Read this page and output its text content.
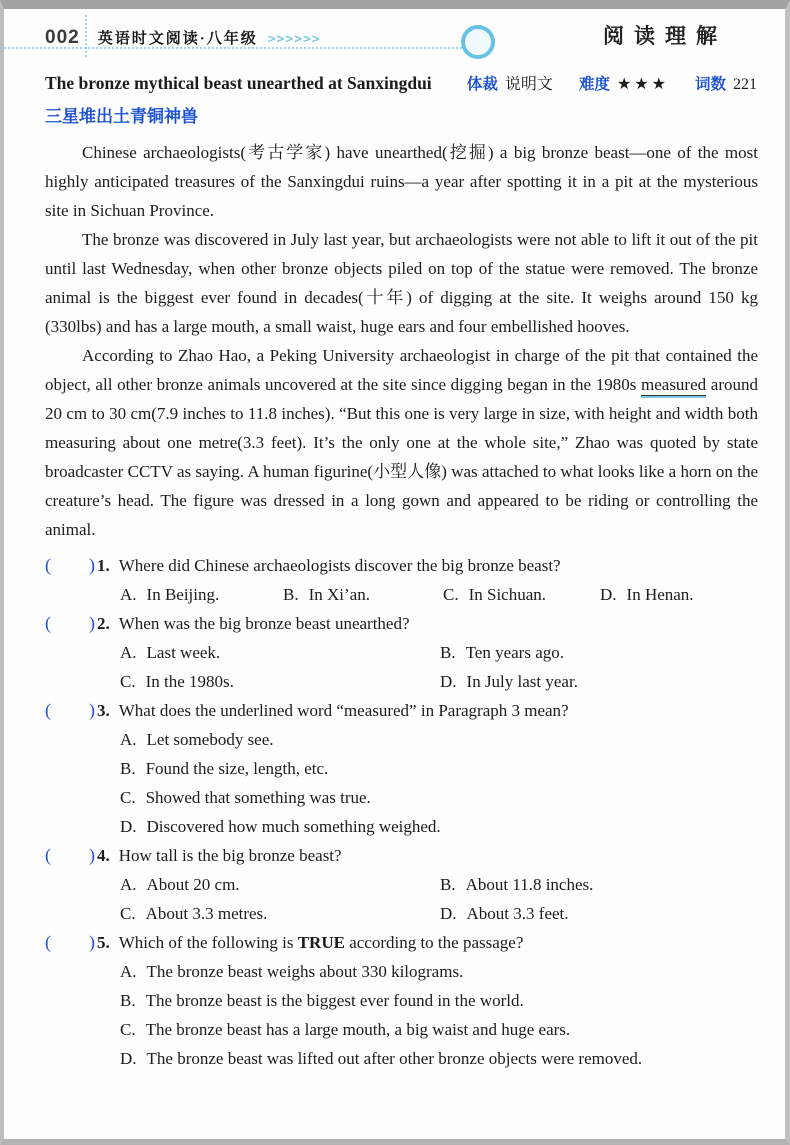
002 英语时文阅读·八年级 >>>>>>	阅读理解
The bronze mythical beast unearthed at Sanxingdui 体裁 说明文 难度 ★★★ 词数 221
三星堆出土青铜神兽

Chinese archaeologists(考古学家) have unearthed(挖掘) a big bronze beast—one of the most highly anticipated treasures of the Sanxingdui ruins—a year after spotting it in a pit at the mysterious site in Sichuan Province.

The bronze was discovered in July last year, but archaeologists were not able to lift it out of the pit until last Wednesday, when other bronze objects piled on top of the statue were removed. The bronze animal is the biggest ever found in decades(十年) of digging at the site. It weighs around 150 kg (330lbs) and has a large mouth, a small waist, huge ears and four embellished hooves.

According to Zhao Hao, a Peking University archaeologist in charge of the pit that contained the object, all other bronze animals uncovered at the site since digging began in the 1980s measured around 20 cm to 30 cm(7.9 inches to 11.8 inches). “But this one is very large in size, with height and width both measuring about one metre(3.3 feet). It’s the only one at the whole site,” Zhao was quoted by state broadcaster CCTV as saying. A human figurine(小型人像) was attached to what looks like a horn on the creature’s head. The figure was dressed in a long gown and appeared to be riding or controlling the animal.

( ) 1. Where did Chinese archaeologists discover the big bronze beast?
A. In Beijing.	B. In Xi’an.	C. In Sichuan.	D. In Henan.
( ) 2. When was the big bronze beast unearthed?
A. Last week.	B. Ten years ago.
C. In the 1980s.	D. In July last year.
( ) 3. What does the underlined word “measured” in Paragraph 3 mean?
A. Let somebody see.
B. Found the size, length, etc.
C. Showed that something was true.
D. Discovered how much something weighed.
( ) 4. How tall is the big bronze beast?
A. About 20 cm.	B. About 11.8 inches.
C. About 3.3 metres.	D. About 3.3 feet.
( ) 5. Which of the following is TRUE according to the passage?
A. The bronze beast weighs about 330 kilograms.
B. The bronze beast is the biggest ever found in the world.
C. The bronze beast has a large mouth, a big waist and huge ears.
D. The bronze beast was lifted out after other bronze objects were removed.
